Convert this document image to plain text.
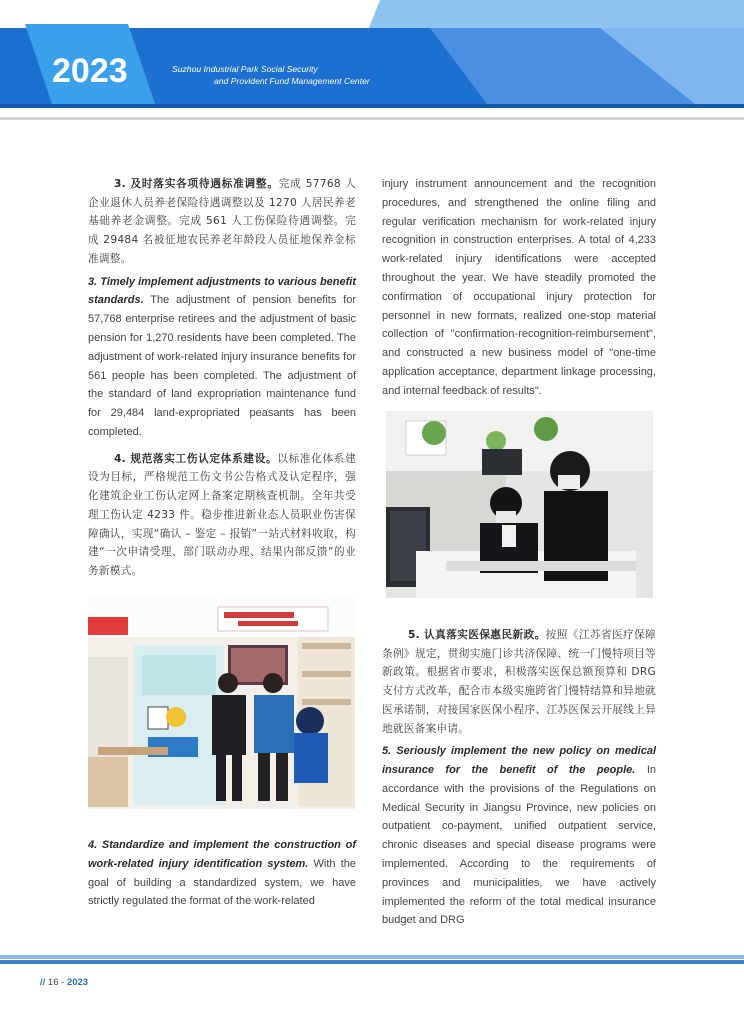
2023	Suzhou Industrial Park Social Security
and Provident Fund Management Center

3. 及时落实各项待遇标准调整。完成 57768 人企业退休人员养老保险待遇调整以及 1270 人居民养老基础养老金调整。完成 561 人工伤保险待遇调整。完成 29484 名被征地农民养老年龄段人员征地保养金标准调整。

3. Timely implement adjustments to various benefit standards. The adjustment of pension benefits for 57,768 enterprise retirees and the adjustment of basic pension for 1,270 residents have been completed. The adjustment of work-related injury insurance benefits for 561 people has been completed. The adjustment of the standard of land expropriation maintenance fund for 29,484 land-expropriated peasants has been completed.

4. 规范落实工伤认定体系建设。以标准化体系建设为目标，严格规范工伤文书公告格式及认定程序，强化建筑企业工伤认定网上备案定期核查机制。全年共受理工伤认定 4233 件。稳步推进新业态人员职业伤害保障确认，实现“确认 – 鉴定 – 报销”一站式材料收取，构建“一次申请受理、部门联动办理、结果内部反馈”的业务新模式。

4. Standardize and implement the construction of work-related injury identification system. With the goal of building a standardized system, we have strictly regulated the format of the work-related

injury instrument announcement and the recognition procedures, and strengthened the online filing and regular verification mechanism for work-related injury recognition in construction enterprises. A total of 4,233 work-related injury identifications were accepted throughout the year. We have steadily promoted the confirmation of occupational injury protection for personnel in new formats, realized one-stop material collection of "confirmation-recognition-reimbursement", and constructed a new business model of "one-time application acceptance, department linkage processing, and internal feedback of results".

5. 认真落实医保惠民新政。按照《江苏省医疗保障条例》规定，贯彻实施门诊共济保障、统一门慢特项目等新政策。根据省市要求，积极落实医保总额预算和 DRG 支付方式改革，配合市本级实施跨省门慢特结算和异地就医承诺制，对接国家医保小程序、江苏医保云开展线上异地就医备案申请。

5. Seriously implement the new policy on medical insurance for the benefit of the people. In accordance with the provisions of the Regulations on Medical Security in Jiangsu Province, new policies on outpatient co-payment, unified outpatient service, chronic diseases and special disease programs were implemented. According to the requirements of provinces and municipalities, we have actively implemented the reform of the total medical insurance budget and DRG

// 16 - 2023
